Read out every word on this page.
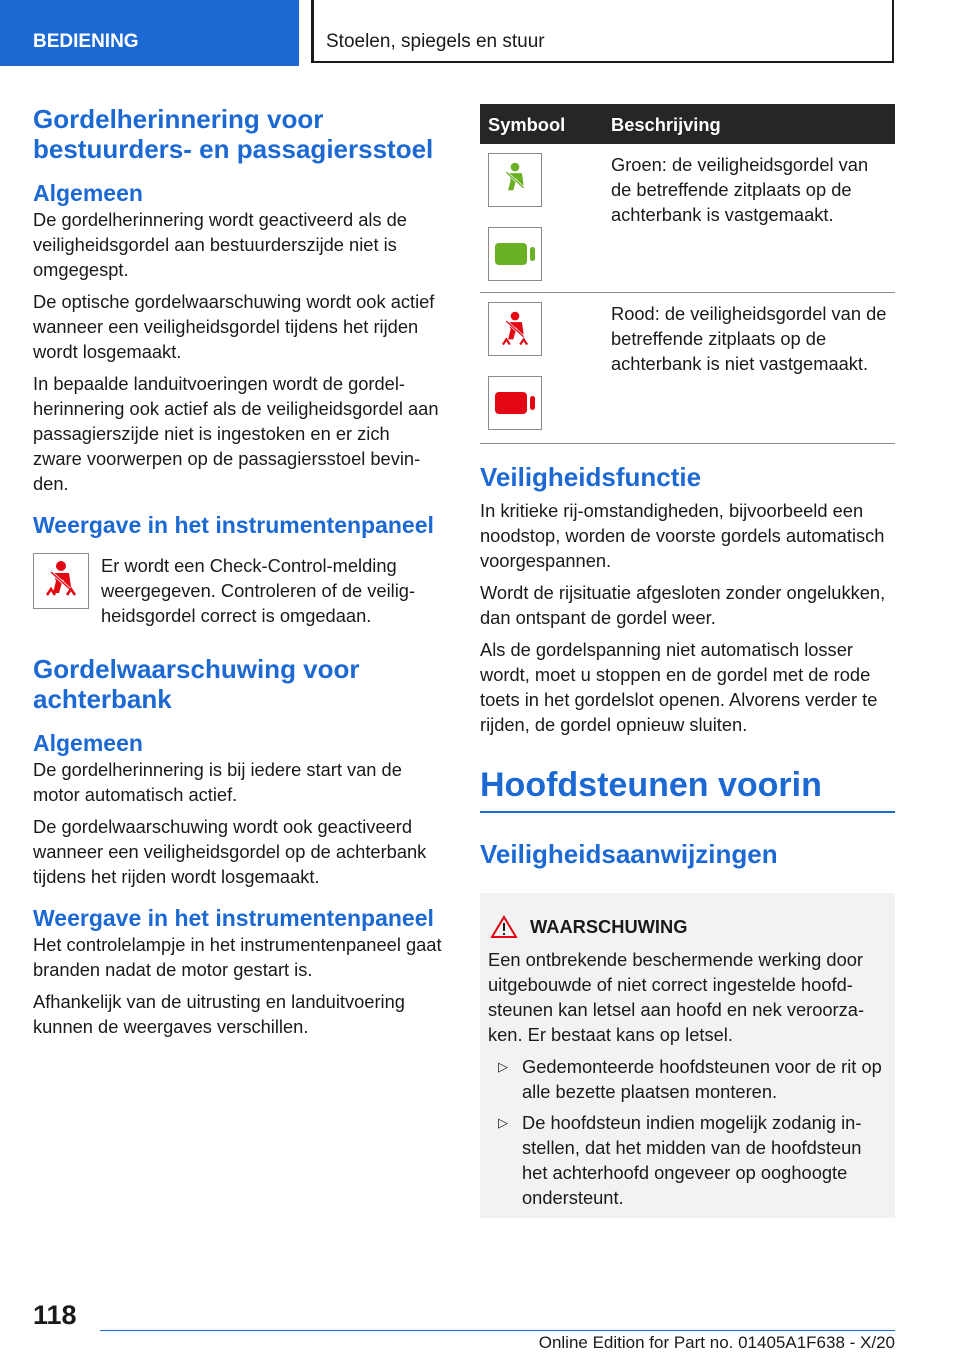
BEDIENING	Stoelen, spiegels en stuur
Gordelherinnering voor bestuurders- en passagiersstoel
Algemeen

De gordelherinnering wordt geactiveerd als de veiligheidsgordel aan bestuurderszijde niet is omgegespt.

De optische gordelwaarschuwing wordt ook actief wanneer een veiligheidsgordel tijdens het rijden wordt losgemaakt.

In bepaalde landuitvoeringen wordt de gordelherinnering ook actief als de veiligheidsgordel aan passagierszijde niet is ingestoken en er zich zware voorwerpen op de passagiersstoel bevinden.

Weergave in het instrumentenpaneel

Er wordt een Check-Control-melding weergegeven. Controleren of de veiligheidsgordel correct is omgedaan.

Gordelwaarschuwing voor achterbank
Algemeen

De gordelherinnering is bij iedere start van de motor automatisch actief.

De gordelwaarschuwing wordt ook geactiveerd wanneer een veiligheidsgordel op de achterbank tijdens het rijden wordt losgemaakt.

Weergave in het instrumentenpaneel

Het controlelampje in het instrumentenpaneel gaat branden nadat de motor gestart is.

Afhankelijk van de uitrusting en landuitvoering kunnen de weergaves verschillen.

Symbool	Beschrijving
Groen: de veiligheidsgordel van de betreffende zitplaats op de achterbank is vastgemaakt.
Rood: de veiligheidsgordel van de betreffende zitplaats op de achterbank is niet vastgemaakt.
Veiligheidsfunctie

In kritieke rij-omstandigheden, bijvoorbeeld een noodstop, worden de voorste gordels automatisch voorgespannen.

Wordt de rijsituatie afgesloten zonder ongelukken, dan ontspant de gordel weer.

Als de gordelspanning niet automatisch losser wordt, moet u stoppen en de gordel met de rode toets in het gordelslot openen. Alvorens verder te rijden, de gordel opnieuw sluiten.

Hoofdsteunen voorin
Veiligheidsaanwijzingen
WAARSCHUWING

Een ontbrekende beschermende werking door uitgebouwde of niet correct ingestelde hoofdsteunen kan letsel aan hoofd en nek veroorzaken. Er bestaat kans op letsel.

▷ Gedemonteerde hoofdsteunen voor de rit op alle bezette plaatsen monteren.

▷ De hoofdsteun indien mogelijk zodanig instellen, dat het midden van de hoofdsteun het achterhoofd ongeveer op ooghoogte ondersteunt.

118
Online Edition for Part no. 01405A1F638 - X/20
